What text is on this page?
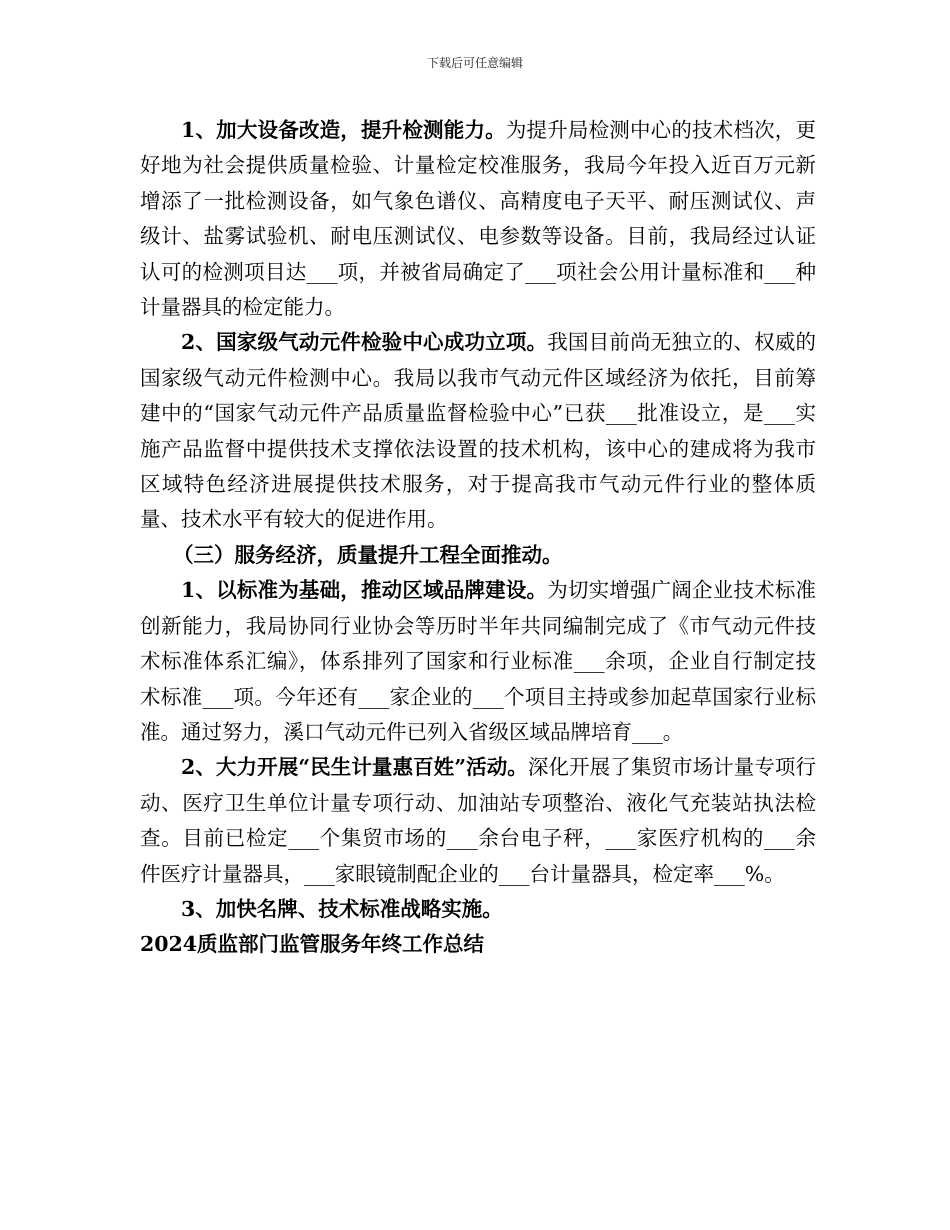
下载后可任意编辑

1、加大设备改造，提升检测能力。为提升局检测中心的技术档次，更好地为社会提供质量检验、计量检定校准服务，我局今年投入近百万元新增添了一批检测设备，如气象色谱仪、高精度电子天平、耐压测试仪、声级计、盐雾试验机、耐电压测试仪、电参数等设备。目前，我局经过认证认可的检测项目达___项，并被省局确定了___项社会公用计量标准和___种计量器具的检定能力。

2、国家级气动元件检验中心成功立项。我国目前尚无独立的、权威的国家级气动元件检测中心。我局以我市气动元件区域经济为依托，目前筹建中的“国家气动元件产品质量监督检验中心”已获___批准设立，是___实施产品监督中提供技术支撑依法设置的技术机构，该中心的建成将为我市区域特色经济进展提供技术服务，对于提高我市气动元件行业的整体质量、技术水平有较大的促进作用。

（三）服务经济，质量提升工程全面推动。

1、以标准为基础，推动区域品牌建设。为切实增强广阔企业技术标准创新能力，我局协同行业协会等历时半年共同编制完成了《市气动元件技术标准体系汇编》，体系排列了国家和行业标准___余项，企业自行制定技术标准___项。今年还有___家企业的___个项目主持或参加起草国家行业标准。通过努力，溪口气动元件已列入省级区域品牌培育___。

2、大力开展“民生计量惠百姓”活动。深化开展了集贸市场计量专项行动、医疗卫生单位计量专项行动、加油站专项整治、液化气充装站执法检查。目前已检定___个集贸市场的___余台电子秤，___家医疗机构的___余件医疗计量器具，___家眼镜制配企业的___台计量器具，检定率___%。

3、加快名牌、技术标准战略实施。

2024质监部门监管服务年终工作总结
